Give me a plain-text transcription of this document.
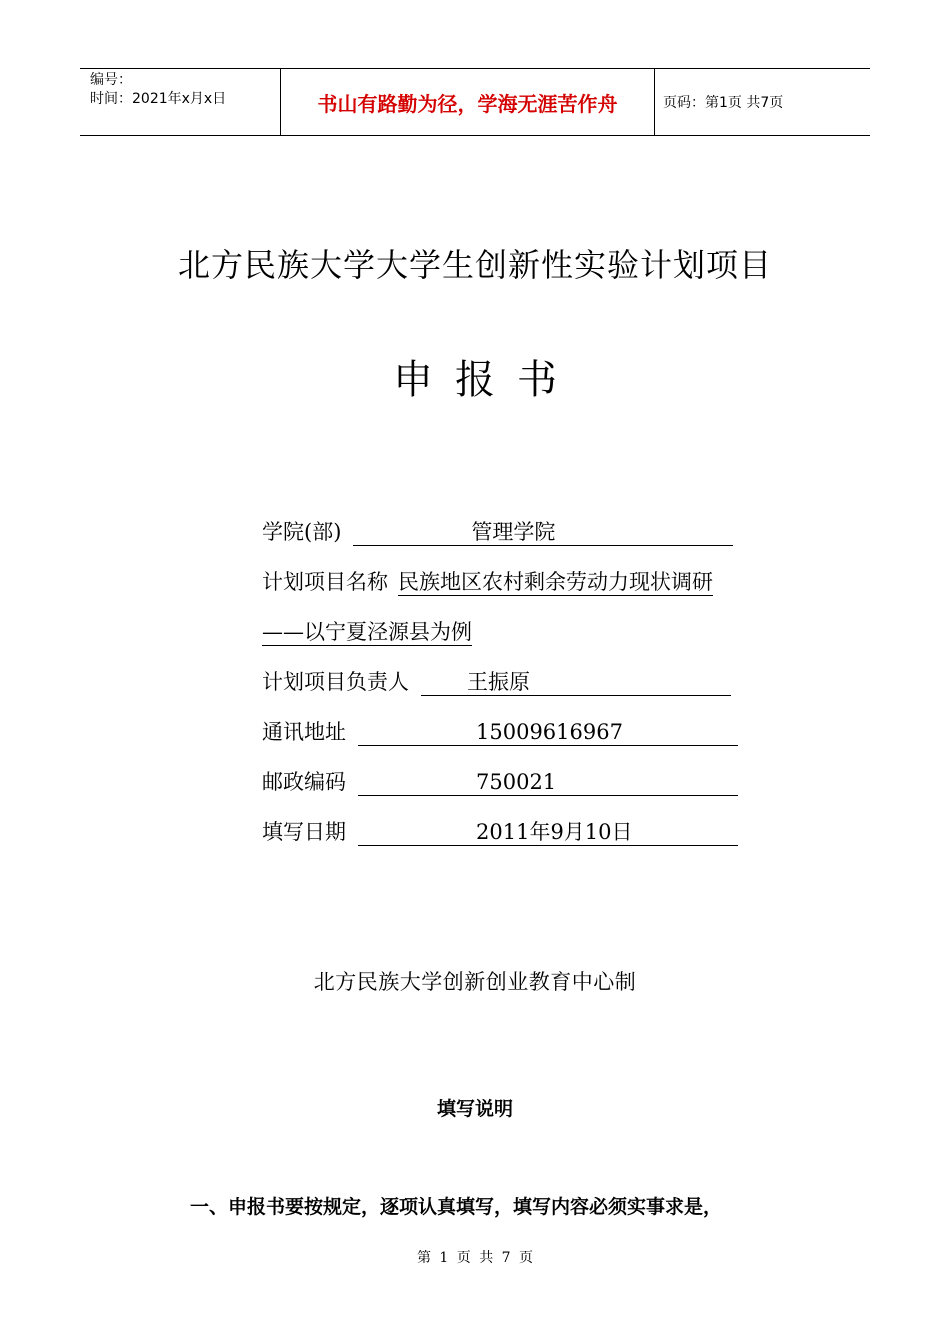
编号：
时间：2021年x月x日	书山有路勤为径，学海无涯苦作舟	页码：第1页 共7页
北方民族大学大学生创新性实验计划项目
申报书
学院(部)	管理学院
计划项目名称 民族地区农村剩余劳动力现状调研
——以宁夏泾源县为例
计划项目负责人	王振原
通讯地址	15009616967
邮政编码	750021
填写日期	2011年9月10日
北方民族大学创新创业教育中心制
填写说明
一、申报书要按规定，逐项认真填写，填写内容必须实事求是，
第 1 页 共 7 页
